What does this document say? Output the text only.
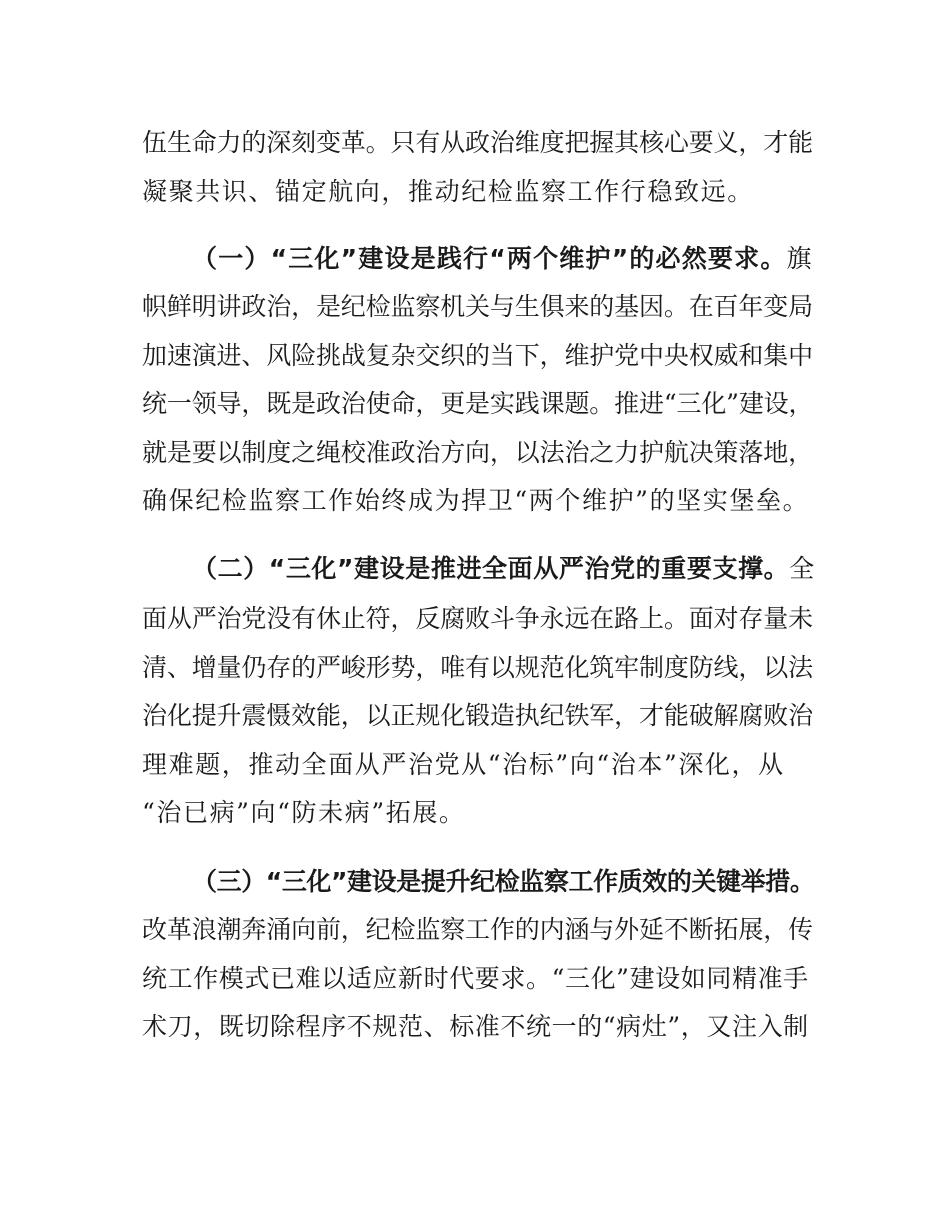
伍生命力的深刻变革。只有从政治维度把握其核心要义，才能
凝聚共识、锚定航向，推动纪检监察工作行稳致远。
（一）“三化”建设是践行“两个维护”的必然要求。旗
帜鲜明讲政治，是纪检监察机关与生俱来的基因。在百年变局
加速演进、风险挑战复杂交织的当下，维护党中央权威和集中
统一领导，既是政治使命，更是实践课题。推进“三化”建设，
就是要以制度之绳校准政治方向，以法治之力护航决策落地，
确保纪检监察工作始终成为捍卫“两个维护”的坚实堡垒。
（二）“三化”建设是推进全面从严治党的重要支撑。全
面从严治党没有休止符，反腐败斗争永远在路上。面对存量未
清、增量仍存的严峻形势，唯有以规范化筑牢制度防线，以法
治化提升震慑效能，以正规化锻造执纪铁军，才能破解腐败治
理难题，推动全面从严治党从“治标”向“治本”深化，从
“治已病”向“防未病”拓展。
（三）“三化”建设是提升纪检监察工作质效的关键举措。
改革浪潮奔涌向前，纪检监察工作的内涵与外延不断拓展，传
统工作模式已难以适应新时代要求。“三化”建设如同精准手
术刀，既切除程序不规范、标准不统一的“病灶”，又注入制
